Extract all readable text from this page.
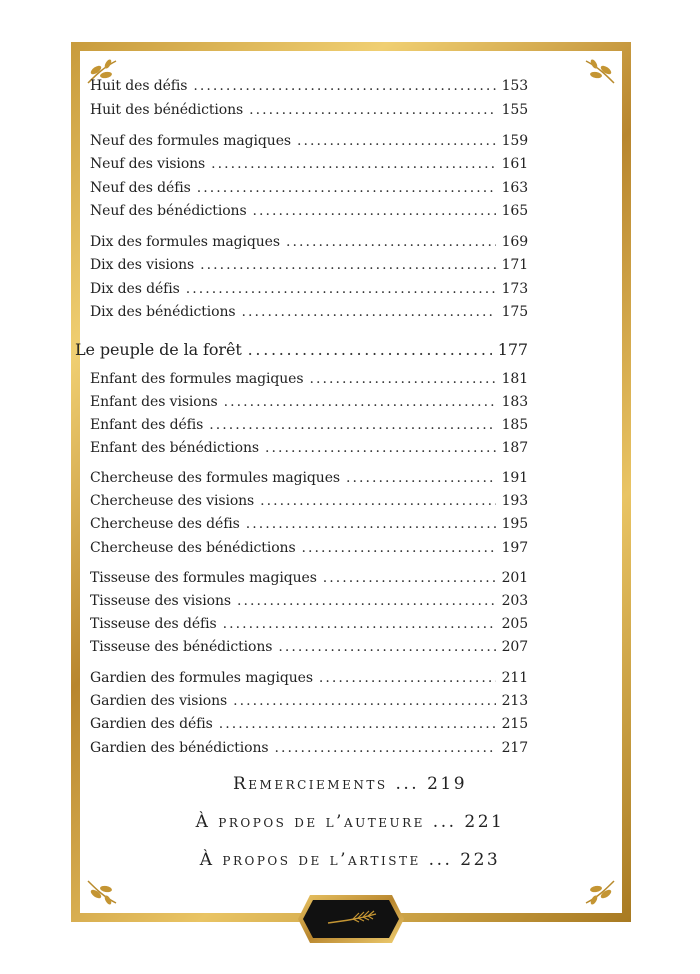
Huit des défis . . .	153
Huit des bénédictions . . .	155
Neuf des formules magiques . . .	159
Neuf des visions . . .	161
Neuf des défis . . .	163
Neuf des bénédictions . . .	165
Dix des formules magiques . . .	169
Dix des visions . . .	171
Dix des défis . . .	173
Dix des bénédictions . . .	175
Le peuple de la forêt . . .	177
Enfant des formules magiques . . .	181
Enfant des visions . . .	183
Enfant des défis . . .	185
Enfant des bénédictions . . .	187
Chercheuse des formules magiques . . .	191
Chercheuse des visions . . .	193
Chercheuse des défis . . .	195
Chercheuse des bénédictions . . .	197
Tisseuse des formules magiques . . .	201
Tisseuse des visions . . .	203
Tisseuse des défis . . .	205
Tisseuse des bénédictions . . .	207
Gardien des formules magiques . . .	211
Gardien des visions . . .	213
Gardien des défis . . .	215
Gardien des bénédictions . . .	217
Remerciements ... 219
À propos de l’auteure ... 221
À propos de l’artiste ... 223
